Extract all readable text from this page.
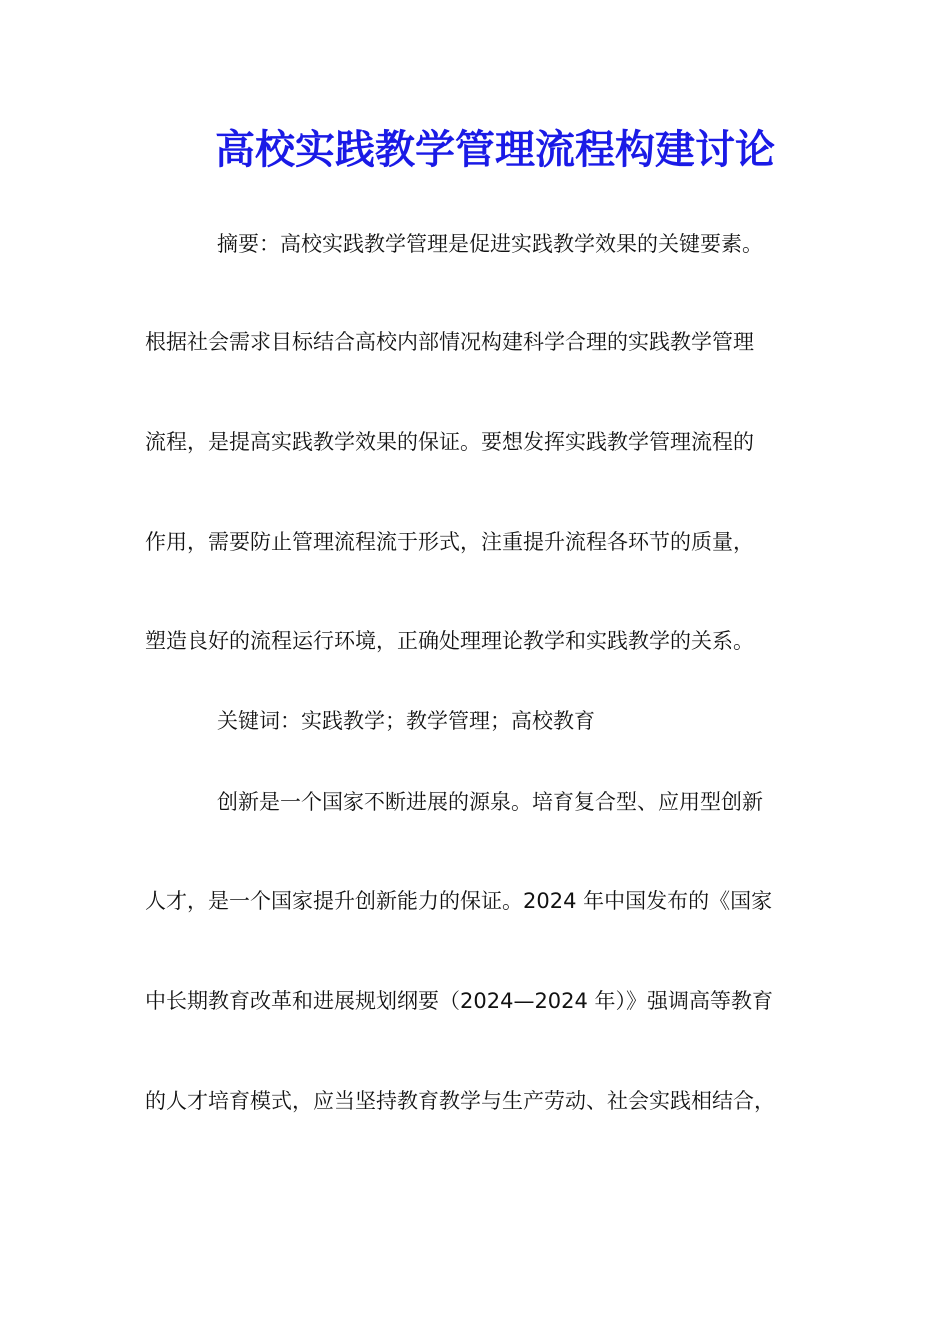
高校实践教学管理流程构建讨论

摘要：高校实践教学管理是促进实践教学效果的关键要素。

根据社会需求目标结合高校内部情况构建科学合理的实践教学管理

流程，是提高实践教学效果的保证。要想发挥实践教学管理流程的

作用，需要防止管理流程流于形式，注重提升流程各环节的质量，

塑造良好的流程运行环境，正确处理理论教学和实践教学的关系。

关键词：实践教学；教学管理；高校教育

创新是一个国家不断进展的源泉。培育复合型、应用型创新

人才，是一个国家提升创新能力的保证。2024 年中国发布的《国家

中长期教育改革和进展规划纲要（2024—2024 年）》强调高等教育

的人才培育模式，应当坚持教育教学与生产劳动、社会实践相结合，
